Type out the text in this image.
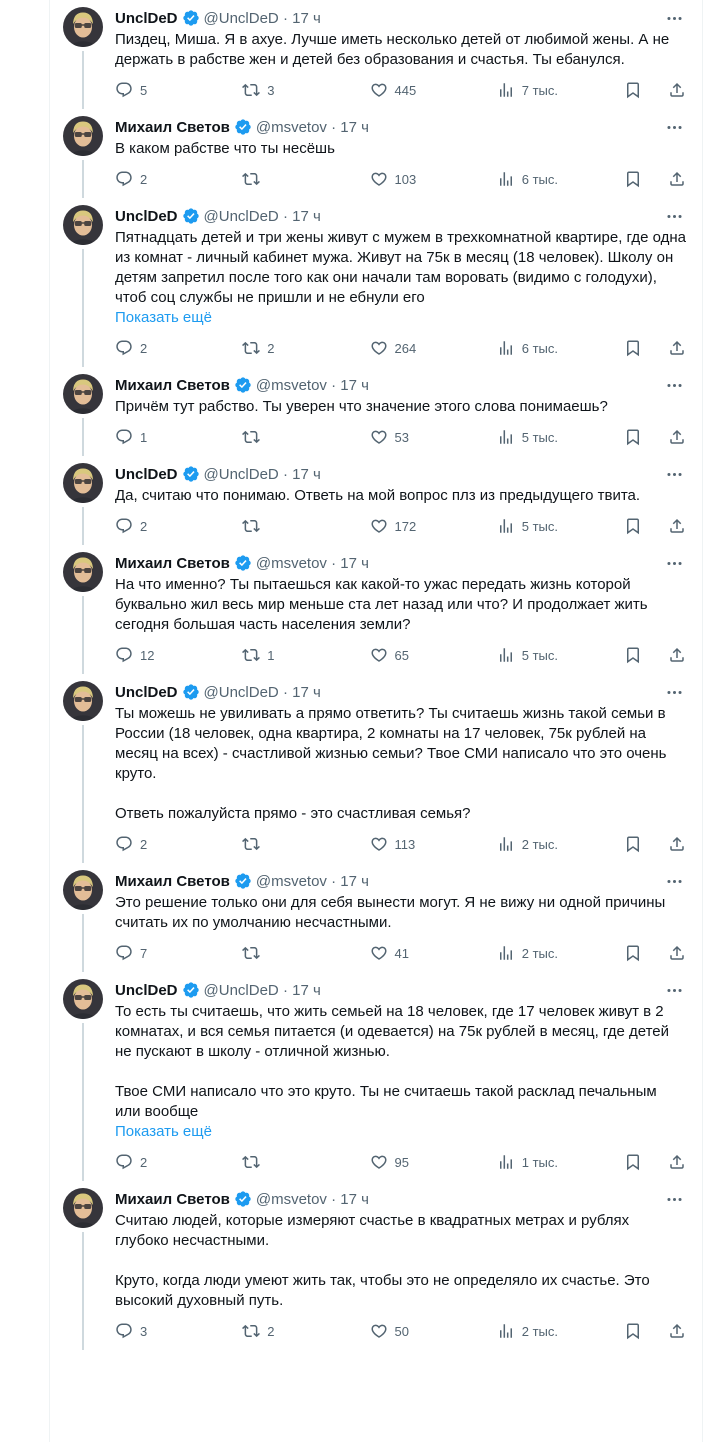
UnclDeD @UnclDeD · 17 ч
Пиздец, Миша. Я в ахуе. Лучше иметь несколько детей от любимой жены. А не держать в рабстве жен и детей без образования и счастья. Ты ебанулся.
5	3	445	7 тыс.
Михаил Светов @msvetov · 17 ч
В каком рабстве что ты несёшь
2	103	6 тыс.
UnclDeD @UnclDeD · 17 ч
Пятнадцать детей и три жены живут с мужем в трехкомнатной квартире, где одна из комнат - личный кабинет мужа. Живут на 75к в месяц (18 человек). Школу он детям запретил после того как они начали там воровать (видимо с голодухи), чтоб соц службы не пришли и не ебнули его
Показать ещё
2	2	264	6 тыс.
Михаил Светов @msvetov · 17 ч
Причём тут рабство. Ты уверен что значение этого слова понимаешь?
1	53	5 тыс.
UnclDeD @UnclDeD · 17 ч
Да, считаю что понимаю. Ответь на мой вопрос плз из предыдущего твита.
2	172	5 тыс.
Михаил Светов @msvetov · 17 ч
На что именно? Ты пытаешься как какой-то ужас передать жизнь которой буквально жил весь мир меньше ста лет назад или что? И продолжает жить сегодня большая часть населения земли?
12	1	65	5 тыс.
UnclDeD @UnclDeD · 17 ч
Ты можешь не увиливать а прямо ответить? Ты считаешь жизнь такой семьи в России (18 человек, одна квартира, 2 комнаты на 17 человек, 75к рублей на месяц на всех) - счастливой жизнью семьи? Твое СМИ написало что это очень круто.

Ответь пожалуйста прямо - это счастливая семья?
2	113	2 тыс.
Михаил Светов @msvetov · 17 ч
Это решение только они для себя вынести могут. Я не вижу ни одной причины считать их по умолчанию несчастными.
7	41	2 тыс.
UnclDeD @UnclDeD · 17 ч
То есть ты считаешь, что жить семьей на 18 человек, где 17 человек живут в 2 комнатах, и вся семья питается (и одевается) на 75к рублей в месяц, где детей не пускают в школу - отличной жизнью.

Твое СМИ написало что это круто. Ты не считаешь такой расклад печальным или вообще
Показать ещё
2	95	1 тыс.
Михаил Светов @msvetov · 17 ч
Считаю людей, которые измеряют счастье в квадратных метрах и рублях глубоко несчастными.

Круто, когда люди умеют жить так, чтобы это не определяло их счастье. Это высокий духовный путь.
3	2	50	2 тыс.
